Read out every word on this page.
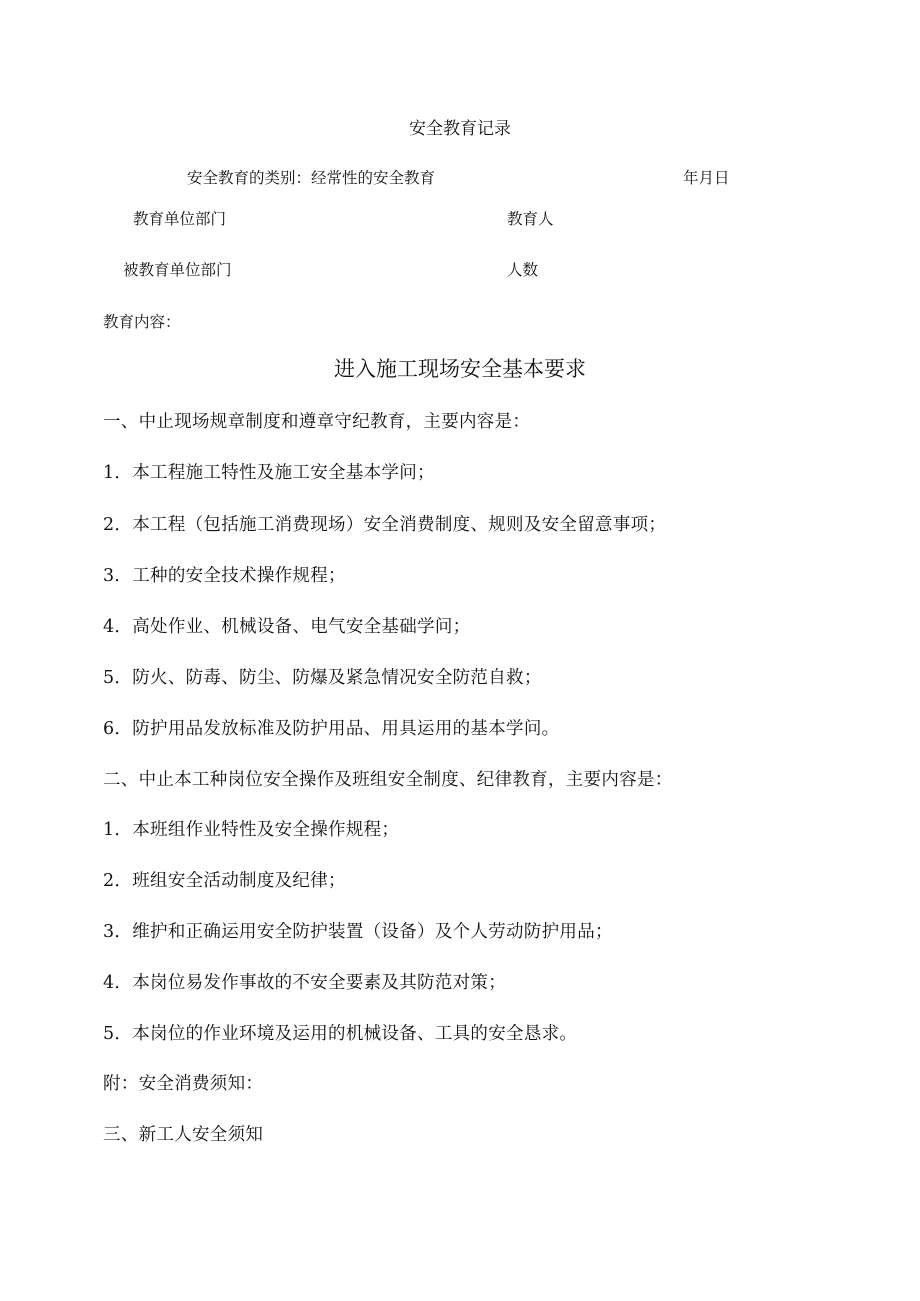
安全教育记录
安全教育的类别：经常性的安全教育	年月日
教育单位部门	教育人
被教育单位部门	人数
教育内容：
进入施工现场安全基本要求
一、中止现场规章制度和遵章守纪教育，主要内容是：
1．本工程施工特性及施工安全基本学问；
2．本工程（包括施工消费现场）安全消费制度、规则及安全留意事项；
3．工种的安全技术操作规程；
4．高处作业、机械设备、电气安全基础学问；
5．防火、防毒、防尘、防爆及紧急情况安全防范自救；
6．防护用品发放标准及防护用品、用具运用的基本学问。
二、中止本工种岗位安全操作及班组安全制度、纪律教育，主要内容是：
1．本班组作业特性及安全操作规程；
2．班组安全活动制度及纪律；
3．维护和正确运用安全防护装置（设备）及个人劳动防护用品；
4．本岗位易发作事故的不安全要素及其防范对策；
5．本岗位的作业环境及运用的机械设备、工具的安全恳求。
附：安全消费须知：
三、新工人安全须知
